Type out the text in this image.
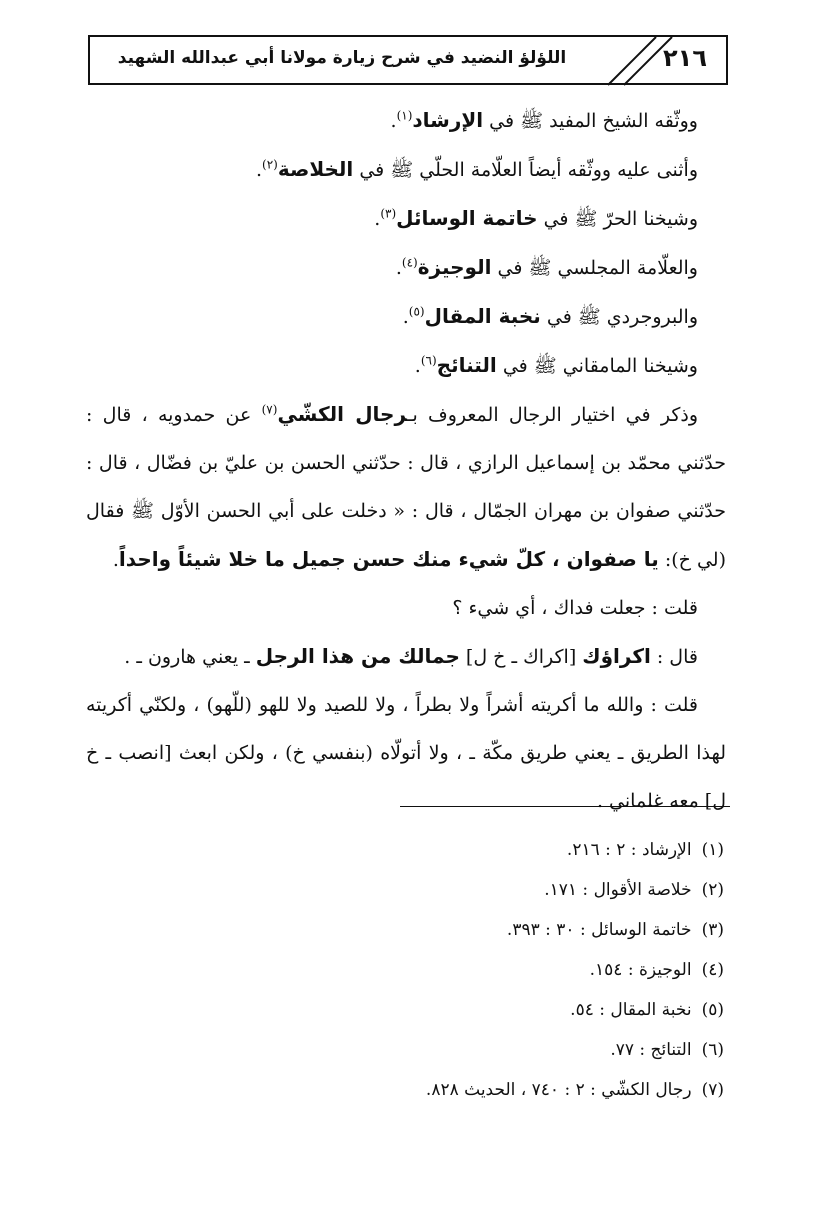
٢١٦
اللؤلؤ النضيد في شرح زيارة مولانا أبي عبدالله الشهيد

ووثّقه الشيخ المفيد ﷺ في الإرشاد$^{(١)}$.

وأثنى عليه ووثّقه أيضاً العلّامة الحلّي ﷺ في الخلاصة$^{(٢)}$.

وشيخنا الحرّ ﷺ في خاتمة الوسائل$^{(٣)}$.

والعلّامة المجلسي ﷺ في الوجيزة$^{(٤)}$.

والبروجردي ﷺ في نخبة المقال$^{(٥)}$.

وشيخنا المامقاني ﷺ في التنائج$^{(٦)}$.

وذكر في اختيار الرجال المعروف بـرجال الكشّي$^{(٧)}$ عن حمدويه ، قال : حدّثني محمّد بن إسماعيل الرازي ، قال : حدّثني الحسن بن عليّ بن فضّال ، قال : حدّثني صفوان بن مهران الجمّال ، قال : « دخلت على أبي الحسن الأوّل ﷺ فقال (لي خ): يا صفوان ، كلّ شيء منك حسن جميل ما خلا شيئاً واحداً.

قلت : جعلت فداك ، أي شيء ؟

قال : اكراؤك [اكراك ـ خ ل] جمالك من هذا الرجل ـ يعني هارون ـ .

قلت : والله ما أكريته أشراً ولا بطراً ، ولا للصيد ولا للهو (للّهو) ، ولكنّي أكريته لهذا الطريق ـ يعني طريق مكّة ـ ، ولا أتولّاه (بنفسي خ) ، ولكن ابعث [انصب ـ خ ل] معه غلماني .

(١)الإرشاد : ٢ : ٢١٦.

(٢)خلاصة الأقوال : ١٧١.

(٣)خاتمة الوسائل : ٣٠ : ٣٩٣.

(٤)الوجيزة : ١٥٤.

(٥)نخبة المقال : ٥٤.

(٦)التنائج : ٧٧.

(٧)رجال الكشّي : ٢ : ٧٤٠ ، الحديث ٨٢٨.
